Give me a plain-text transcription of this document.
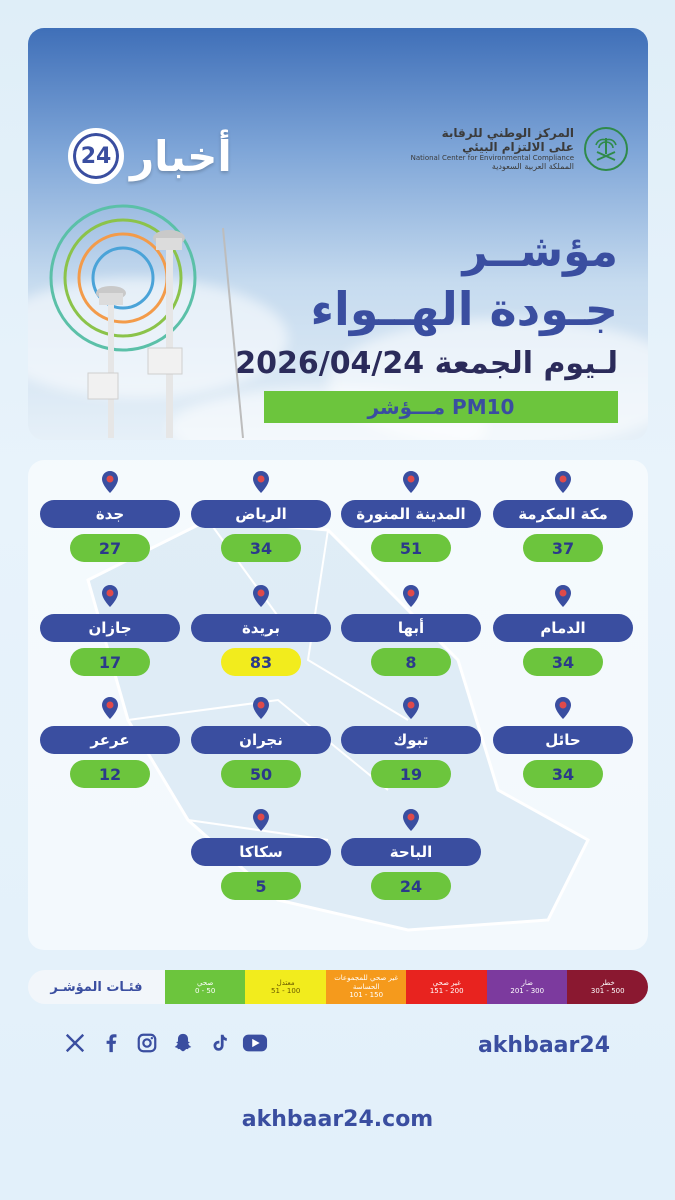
24 أخبار	المركز الوطني للرقابة
على الالتزام البيئي
National Center for Environmental Compliance
المملكة العربية السعودية
مؤشــر
جـودة الهــواء
لـيوم الجمعة 2026/04/24
مـــؤشر PM10
مكة المكرمة
37
المدينة المنورة
51
الرياض
34
جدة
27
الدمام
34
أبها
8
بريدة
83
جازان
17
حائل
34
تبوك
19
نجران
50
عرعر
12
الباحة
24
سكاكا
5
فئـات المؤشـر	صحي
0 - 50
معتدل
51 - 100
غير صحي للمجموعات الحساسة
101 - 150
غير صحي
151 - 200
ضار
201 - 300
خطر
301 - 500
akhbaar24
akhbaar24.com
